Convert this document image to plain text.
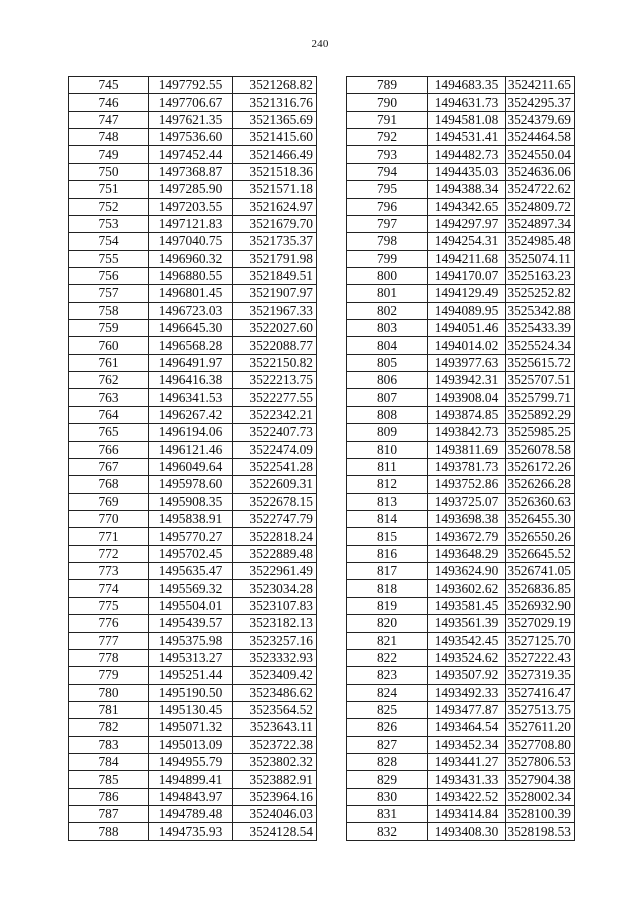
240
745	1497792.55	3521268.82
746	1497706.67	3521316.76
747	1497621.35	3521365.69
748	1497536.60	3521415.60
749	1497452.44	3521466.49
750	1497368.87	3521518.36
751	1497285.90	3521571.18
752	1497203.55	3521624.97
753	1497121.83	3521679.70
754	1497040.75	3521735.37
755	1496960.32	3521791.98
756	1496880.55	3521849.51
757	1496801.45	3521907.97
758	1496723.03	3521967.33
759	1496645.30	3522027.60
760	1496568.28	3522088.77
761	1496491.97	3522150.82
762	1496416.38	3522213.75
763	1496341.53	3522277.55
764	1496267.42	3522342.21
765	1496194.06	3522407.73
766	1496121.46	3522474.09
767	1496049.64	3522541.28
768	1495978.60	3522609.31
769	1495908.35	3522678.15
770	1495838.91	3522747.79
771	1495770.27	3522818.24
772	1495702.45	3522889.48
773	1495635.47	3522961.49
774	1495569.32	3523034.28
775	1495504.01	3523107.83
776	1495439.57	3523182.13
777	1495375.98	3523257.16
778	1495313.27	3523332.93
779	1495251.44	3523409.42
780	1495190.50	3523486.62
781	1495130.45	3523564.52
782	1495071.32	3523643.11
783	1495013.09	3523722.38
784	1494955.79	3523802.32
785	1494899.41	3523882.91
786	1494843.97	3523964.16
787	1494789.48	3524046.03
788	1494735.93	3524128.54
789	1494683.35	3524211.65
790	1494631.73	3524295.37
791	1494581.08	3524379.69
792	1494531.41	3524464.58
793	1494482.73	3524550.04
794	1494435.03	3524636.06
795	1494388.34	3524722.62
796	1494342.65	3524809.72
797	1494297.97	3524897.34
798	1494254.31	3524985.48
799	1494211.68	3525074.11
800	1494170.07	3525163.23
801	1494129.49	3525252.82
802	1494089.95	3525342.88
803	1494051.46	3525433.39
804	1494014.02	3525524.34
805	1493977.63	3525615.72
806	1493942.31	3525707.51
807	1493908.04	3525799.71
808	1493874.85	3525892.29
809	1493842.73	3525985.25
810	1493811.69	3526078.58
811	1493781.73	3526172.26
812	1493752.86	3526266.28
813	1493725.07	3526360.63
814	1493698.38	3526455.30
815	1493672.79	3526550.26
816	1493648.29	3526645.52
817	1493624.90	3526741.05
818	1493602.62	3526836.85
819	1493581.45	3526932.90
820	1493561.39	3527029.19
821	1493542.45	3527125.70
822	1493524.62	3527222.43
823	1493507.92	3527319.35
824	1493492.33	3527416.47
825	1493477.87	3527513.75
826	1493464.54	3527611.20
827	1493452.34	3527708.80
828	1493441.27	3527806.53
829	1493431.33	3527904.38
830	1493422.52	3528002.34
831	1493414.84	3528100.39
832	1493408.30	3528198.53
